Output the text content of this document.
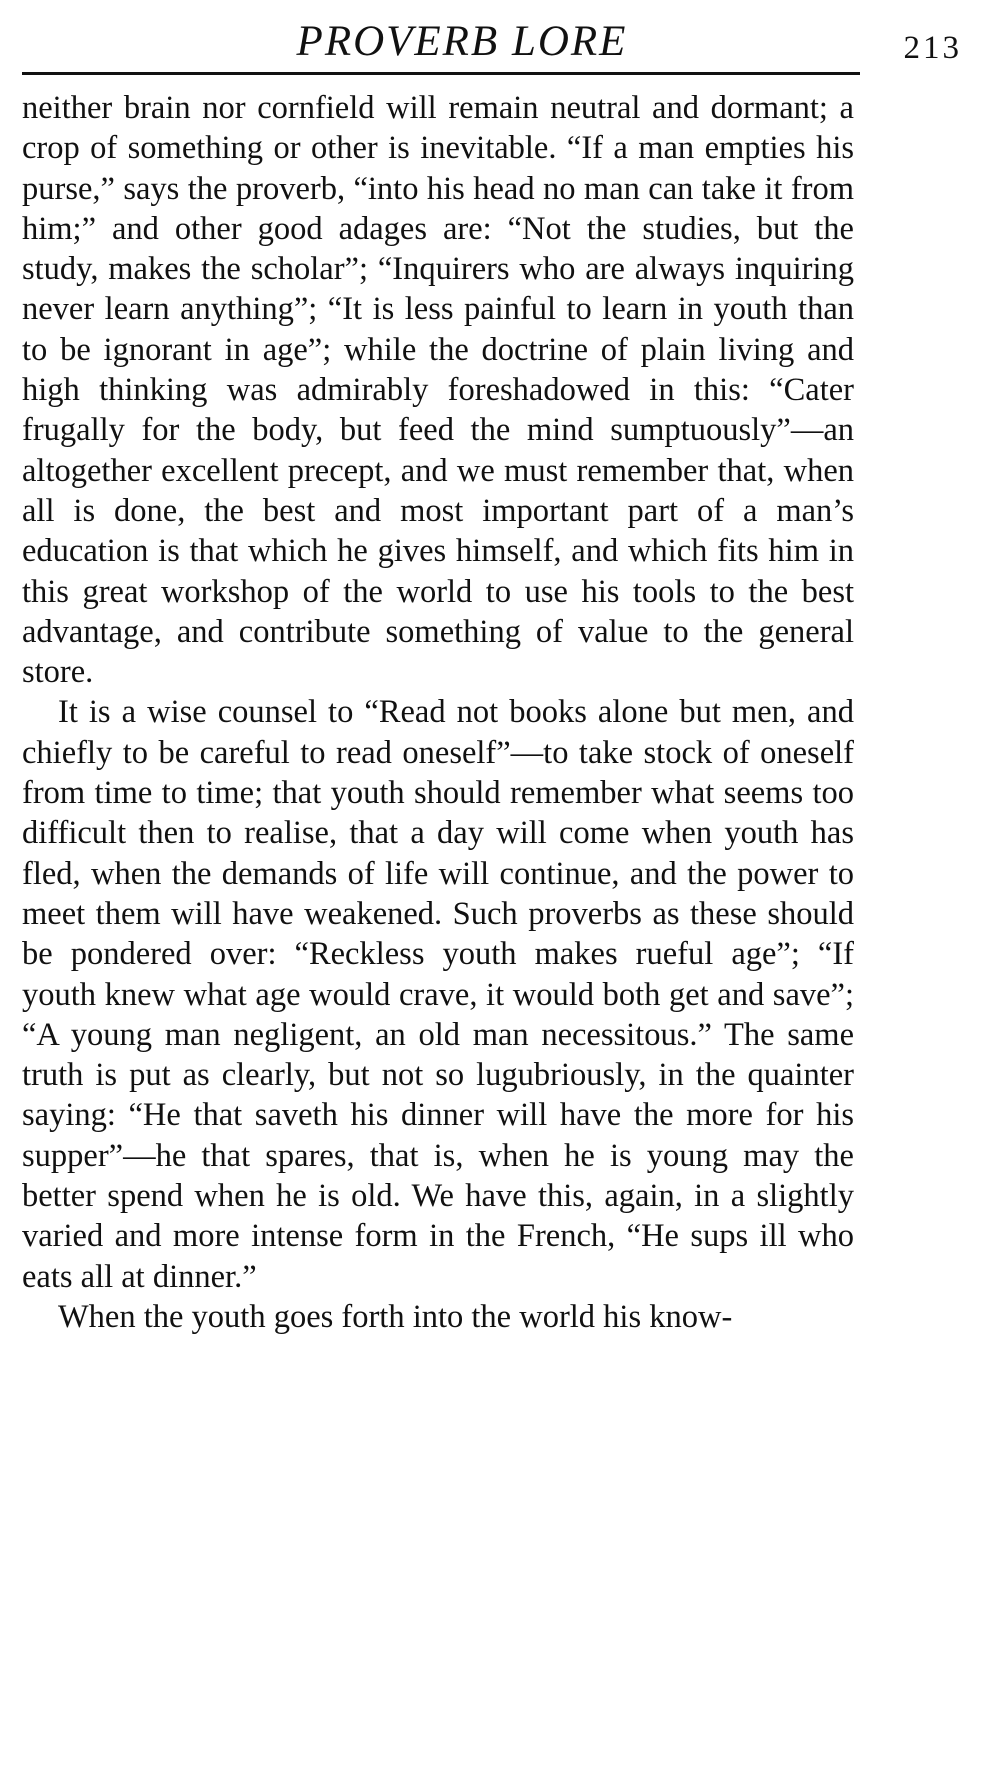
PROVERB LORE	213

neither brain nor cornfield will remain neutral and dormant; a crop of something or other is inevitable. “If a man empties his purse,” says the proverb, “into his head no man can take it from him;” and other good adages are: “Not the studies, but the study, makes the scholar”; “Inquirers who are always inquiring never learn anything”; “It is less painful to learn in youth than to be ignorant in age”; while the doctrine of plain living and high thinking was admirably foreshadowed in this: “Cater frugally for the body, but feed the mind sumptuously”—an altogether excellent precept, and we must remember that, when all is done, the best and most important part of a man’s education is that which he gives himself, and which fits him in this great workshop of the world to use his tools to the best advantage, and contribute something of value to the general store.

It is a wise counsel to “Read not books alone but men, and chiefly to be careful to read oneself”—to take stock of oneself from time to time; that youth should remember what seems too difficult then to realise, that a day will come when youth has fled, when the demands of life will continue, and the power to meet them will have weakened. Such proverbs as these should be pondered over: “Reckless youth makes rueful age”; “If youth knew what age would crave, it would both get and save”; “A young man negligent, an old man necessitous.” The same truth is put as clearly, but not so lugubriously, in the quainter saying: “He that saveth his dinner will have the more for his supper”—he that spares, that is, when he is young may the better spend when he is old. We have this, again, in a slightly varied and more intense form in the French, “He sups ill who eats all at dinner.”

When the youth goes forth into the world his know-
